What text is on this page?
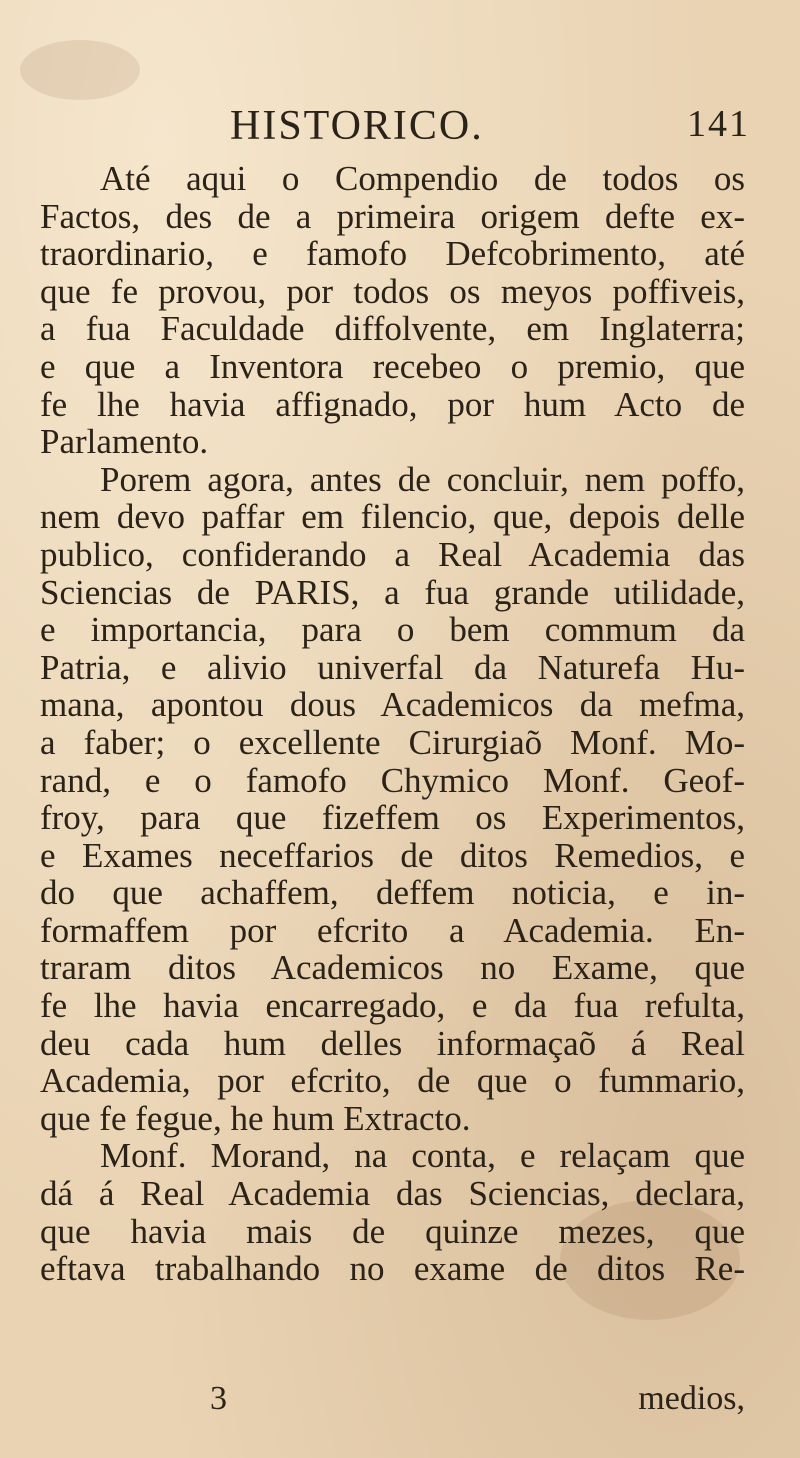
HISTORICO.	141
Até aqui o Compendio de todos os
Factos, des de a primeira origem defte ex-
traordinario, e famofo Defcobrimento, até
que fe provou, por todos os meyos poffiveis,
a fua Faculdade diffolvente, em Inglaterra;
e que a Inventora recebeo o premio, que
fe lhe havia affignado, por hum Acto de
Parlamento.
Porem agora, antes de concluir, nem poffo,
nem devo paffar em filencio, que, depois delle
publico, confiderando a Real Academia das
Sciencias de PARIS, a fua grande utilidade,
e importancia, para o bem commum da
Patria, e alivio univerfal da Naturefa Hu-
mana, apontou dous Academicos da mefma,
a faber; o excellente Cirurgiaõ Monf. Mo-
rand, e o famofo Chymico Monf. Geof-
froy, para que fizeffem os Experimentos,
e Exames neceffarios de ditos Remedios, e
do que achaffem, deffem noticia, e in-
formaffem por efcrito a Academia. En-
traram ditos Academicos no Exame, que
fe lhe havia encarregado, e da fua refulta,
deu cada hum delles informaçaõ á Real
Academia, por efcrito, de que o fummario,
que fe fegue, he hum Extracto.
Monf. Morand, na conta, e relaçam que
dá á Real Academia das Sciencias, declara,
que havia mais de quinze mezes, que
eftava trabalhando no exame de ditos Re-
3	medios,
